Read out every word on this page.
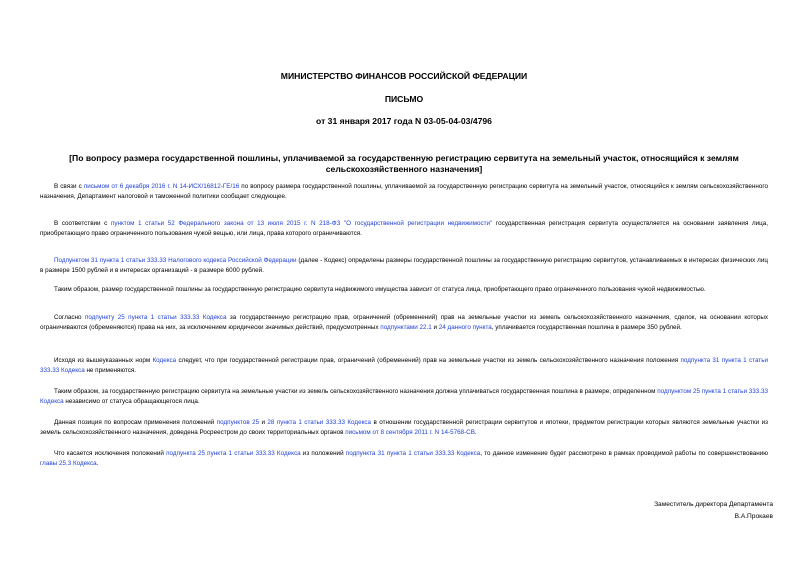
МИНИСТЕРСТВО ФИНАНСОВ РОССИЙСКОЙ ФЕДЕРАЦИИ
ПИСЬМО
от 31 января 2017 года N 03-05-04-03/4796
[По вопросу размера государственной пошлины, уплачиваемой за государственную регистрацию сервитута на земельный участок, относящийся к землям сельскохозяйственного назначения]

В связи с письмом от 6 декабря 2016 г. N 14-ИСХ/16812-ГЕ/16 по вопросу размера государственной пошлины, уплачиваемой за государственную регистрацию сервитута на земельный участок, относящийся к землям сельскохозяйственного назначения, Департамент налоговой и таможенной политики сообщает следующее.

В соответствии с пунктом 1 статьи 52 Федерального закона от 13 июля 2015 г. N 218-ФЗ "О государственной регистрации недвижимости" государственная регистрация сервитута осуществляется на основании заявления лица, приобретающего право ограниченного пользования чужой вещью, или лица, права которого ограничиваются.

Подпунктом 31 пункта 1 статьи 333.33 Налогового кодекса Российской Федерации (далее - Кодекс) определены размеры государственной пошлины за государственную регистрацию сервитутов, устанавливаемых в интересах физических лиц в размере 1500 рублей и в интересах организаций - в размере 6000 рублей.

Таким образом, размер государственной пошлины за государственную регистрацию сервитута недвижимого имущества зависит от статуса лица, приобретающего право ограниченного пользования чужой недвижимостью.

Согласно подпункту 25 пункта 1 статьи 333.33 Кодекса за государственную регистрацию прав, ограничений (обременений) прав на земельные участки из земель сельскохозяйственного назначения, сделок, на основании которых ограничиваются (обременяются) права на них, за исключением юридически значимых действий, предусмотренных подпунктами 22.1 и 24 данного пункта, уплачивается государственная пошлина в размере 350 рублей.

Исходя из вышеуказанных норм Кодекса следует, что при государственной регистрации прав, ограничений (обременений) прав на земельные участки из земель сельскохозяйственного назначения положения подпункта 31 пункта 1 статьи 333.33 Кодекса не применяются.

Таким образом, за государственную регистрацию сервитута на земельные участки из земель сельскохозяйственного назначения должна уплачиваться государственная пошлина в размере, определенном подпунктом 25 пункта 1 статьи 333.33 Кодекса независимо от статуса обращающегося лица.

Данная позиция по вопросам применения положений подпунктов 25 и 28 пункта 1 статьи 333.33 Кодекса в отношении государственной регистрации сервитутов и ипотеки, предметом регистрации которых являются земельные участки из земель сельскохозяйственного назначения, доведена Росреестром до своих территориальных органов письмом от 8 сентября 2011 г. N 14-5768-СВ.

Что касается исключения положений подпункта 25 пункта 1 статьи 333.33 Кодекса из положений подпункта 31 пункта 1 статьи 333.33 Кодекса, то данное изменение будет рассмотрено в рамках проводимой работы по совершенствованию главы 25.3 Кодекса.

Заместитель директора Департамента
В.А.Прокаев
